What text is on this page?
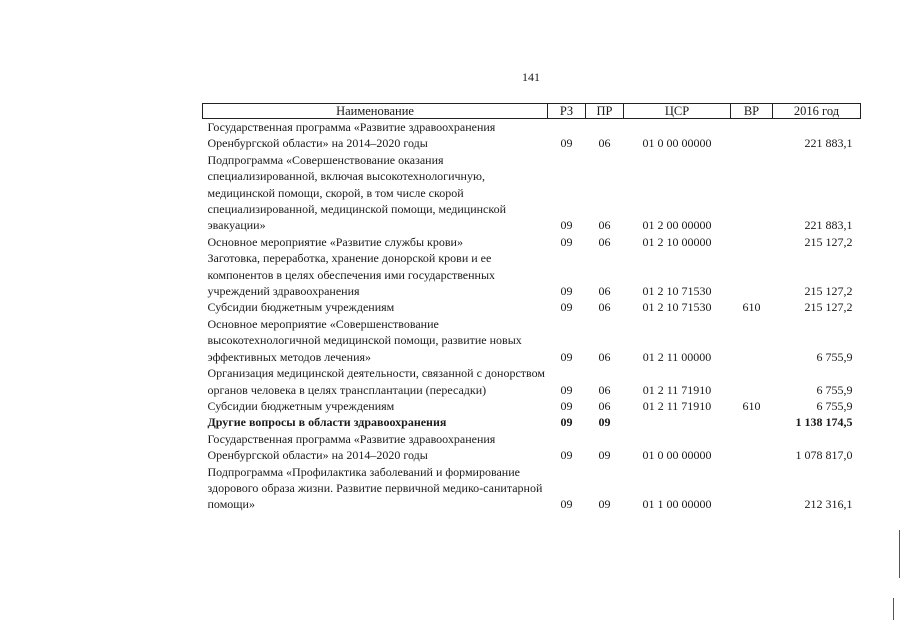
141
Наименование	РЗ	ПР	ЦСР	ВР	2016 год
Государственная программа «Развитие здравоохранения Оренбургской области» на 2014–2020 годы	09	06	01 0 00 00000		221 883,1
Подпрограмма «Совершенствование оказания специализированной, включая высокотехнологичную, медицинской помощи, скорой, в том числе скорой специализированной, медицинской помощи, медицинской эвакуации»	09	06	01 2 00 00000		221 883,1
Основное мероприятие «Развитие службы крови»	09	06	01 2 10 00000		215 127,2
Заготовка, переработка, хранение донорской крови и ее компонентов в целях обеспечения ими государственных учреждений здравоохранения	09	06	01 2 10 71530		215 127,2
Субсидии бюджетным учреждениям	09	06	01 2 10 71530	610	215 127,2
Основное мероприятие «Совершенствование высокотехнологичной медицинской помощи, развитие новых эффективных методов лечения»	09	06	01 2 11 00000		6 755,9
Организация медицинской деятельности, связанной с донорством органов человека в целях трансплантации (пересадки)	09	06	01 2 11 71910		6 755,9
Субсидии бюджетным учреждениям	09	06	01 2 11 71910	610	6 755,9
Другие вопросы в области здравоохранения	09	09			1 138 174,5
Государственная программа «Развитие здравоохранения Оренбургской области» на 2014–2020 годы	09	09	01 0 00 00000		1 078 817,0
Подпрограмма «Профилактика заболеваний и формирование здорового образа жизни. Развитие первичной медико-санитарной помощи»	09	09	01 1 00 00000		212 316,1
